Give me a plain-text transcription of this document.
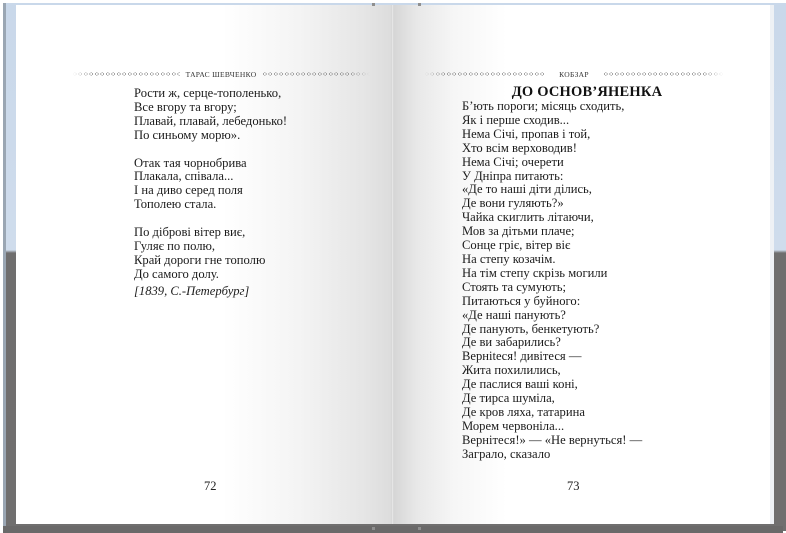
ТАРАС ШЕВЧЕНКО
Рости ж, серце-тополенько,
Все вгору та вгору;
Плавай, плавай, лебедонько!
По синьому морю».
Отак тая чорнобрива
Плакала, співала...
І на диво серед поля
Тополею стала.
По діброві вітер виє,
Гуляє по полю,
Край дороги гне тополю
До самого долу.
[1839, С.-Петербург]
72
КОБЗАР
ДО ОСНОВ’ЯНЕНКА
Б’ють пороги; місяць сходить,
Як і перше сходив...
Нема Січі, пропав і той,
Хто всім верховодив!
Нема Січі; очерети
У Дніпра питають:
«Де то наші діти ділись,
Де вони гуляють?»
Чайка скиглить літаючи,
Мов за дітьми плаче;
Сонце гріє, вітер віє
На степу козачім.
На тім степу скрізь могили
Стоять та сумують;
Питаються у буйного:
«Де наші панують?
Де панують, бенкетують?
Де ви забарились?
Верніteся! дивітеся —
Жита похилились,
Де паслися ваші коні,
Де тирса шуміла,
Де кров ляха, татарина
Морем червоніла...
Вернітеся!» — «Не вернуться! —
Заграло, сказало
73
